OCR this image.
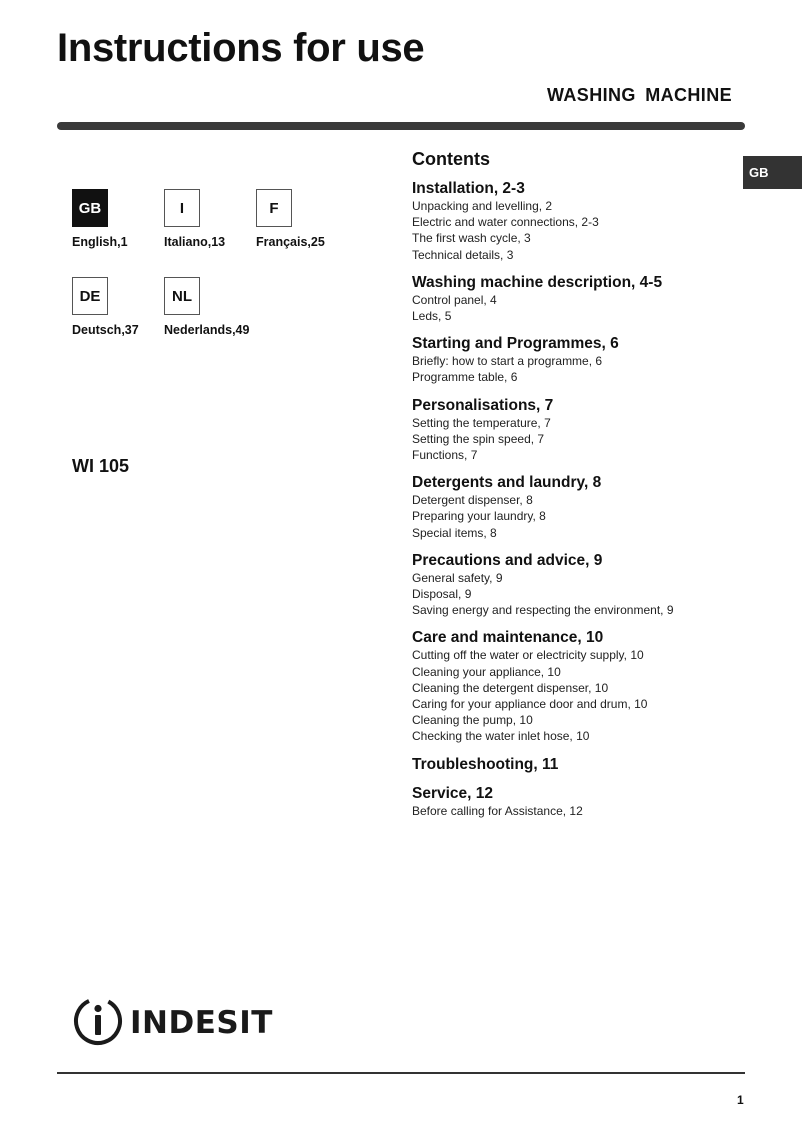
Instructions for use
WASHING MACHINE
GB
GB
English,1
I
Italiano,13
F
Français,25
DE
Deutsch,37
NL
Nederlands,49
WI 105
Contents
Installation, 2-3
Unpacking and levelling, 2
Electric and water connections, 2-3
The first wash cycle, 3
Technical details, 3
Washing machine description, 4-5
Control panel, 4
Leds, 5
Starting and Programmes, 6
Briefly: how to start a programme, 6
Programme table, 6
Personalisations, 7
Setting the temperature, 7
Setting the spin speed, 7
Functions, 7
Detergents and laundry, 8
Detergent dispenser, 8
Preparing your laundry, 8
Special items, 8
Precautions and advice, 9
General safety, 9
Disposal, 9
Saving energy and respecting the environment, 9
Care and maintenance, 10
Cutting off the water or electricity supply, 10
Cleaning your appliance, 10
Cleaning the detergent dispenser, 10
Caring for your appliance door and drum, 10
Cleaning the pump, 10
Checking the water inlet hose, 10
Troubleshooting, 11
Service, 12
Before calling for Assistance, 12
INDESIT
1
